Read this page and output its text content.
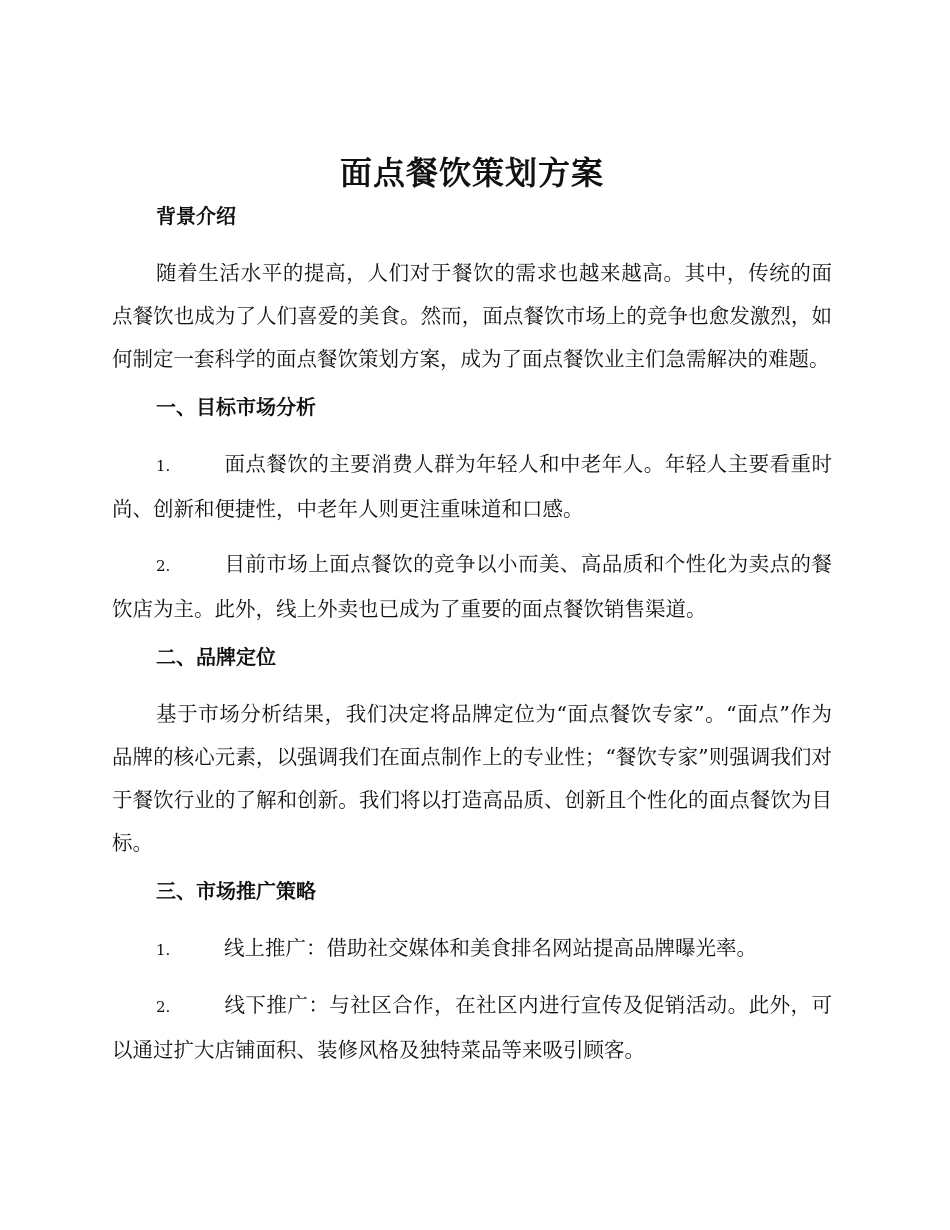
面点餐饮策划方案
背景介绍

随着生活水平的提高，人们对于餐饮的需求也越来越高。其中，传统的面点餐饮也成为了人们喜爱的美食。然而，面点餐饮市场上的竞争也愈发激烈，如何制定一套科学的面点餐饮策划方案，成为了面点餐饮业主们急需解决的难题。

一、目标市场分析

1.	面点餐饮的主要消费人群为年轻人和中老年人。年轻人主要看重时尚、创新和便捷性，中老年人则更注重味道和口感。

2.	目前市场上面点餐饮的竞争以小而美、高品质和个性化为卖点的餐饮店为主。此外，线上外卖也已成为了重要的面点餐饮销售渠道。

二、品牌定位

基于市场分析结果，我们决定将品牌定位为“面点餐饮专家”。“面点”作为品牌的核心元素，以强调我们在面点制作上的专业性；“餐饮专家”则强调我们对于餐饮行业的了解和创新。我们将以打造高品质、创新且个性化的面点餐饮为目标。

三、市场推广策略

1.	线上推广：借助社交媒体和美食排名网站提高品牌曝光率。

2.	线下推广：与社区合作，在社区内进行宣传及促销活动。此外，可以通过扩大店铺面积、装修风格及独特菜品等来吸引顾客。
